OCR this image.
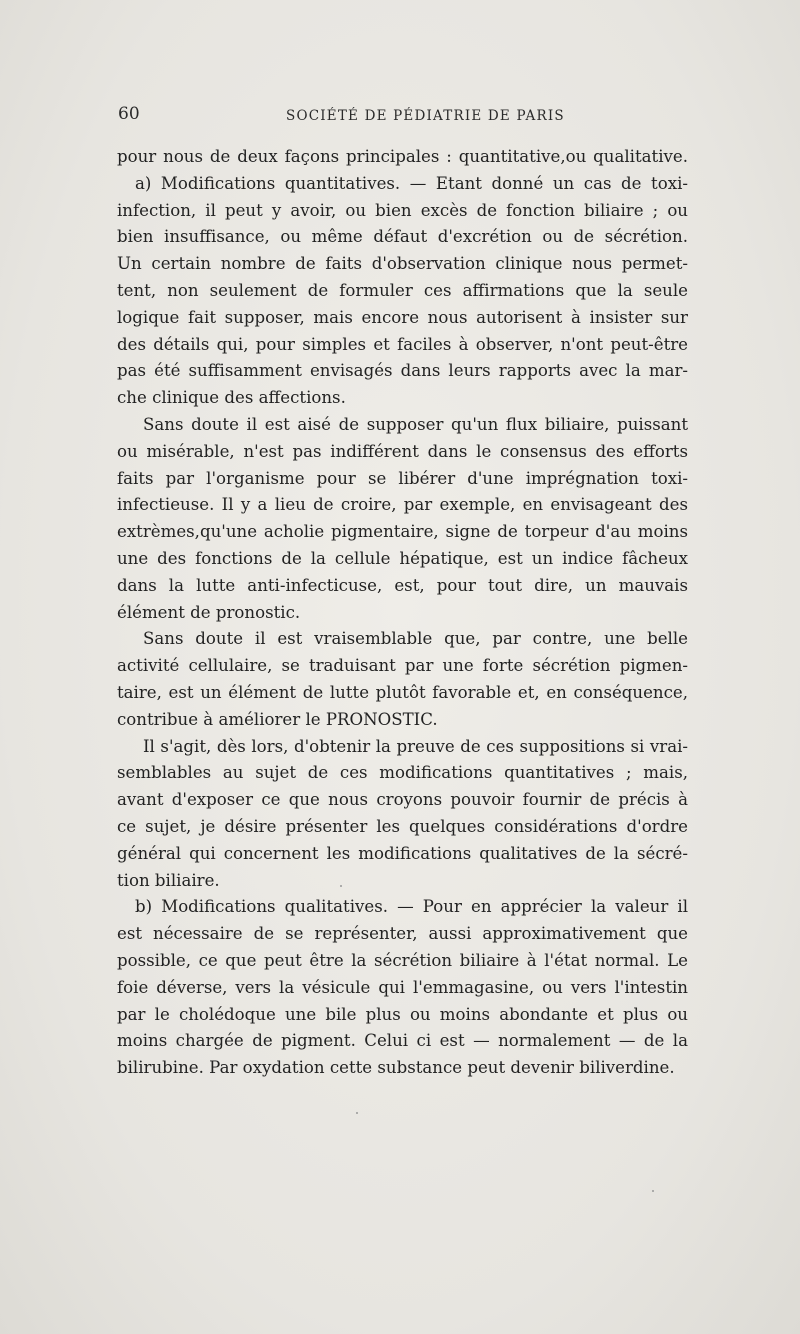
60	SOCIÉTÉ DE PÉDIATRIE DE PARIS
pour nous de deux façons principales : quantitative,ou qualitative.
a) Modifications quantitatives. — Etant donné un cas de toxi-
infection, il peut y avoir, ou bien excès de fonction biliaire ; ou
bien insuffisance, ou même défaut d'excrétion ou de sécrétion.
Un certain nombre de faits d'observation clinique nous permet-
tent, non seulement de formuler ces affirmations que la seule
logique fait supposer, mais encore nous autorisent à insister sur
des détails qui, pour simples et faciles à observer, n'ont peut-être
pas été suffisamment envisagés dans leurs rapports avec la mar-
che clinique des affections.
Sans doute il est aisé de supposer qu'un flux biliaire, puissant
ou misérable, n'est pas indifférent dans le consensus des efforts
faits par l'organisme pour se libérer d'une imprégnation toxi-
infectieuse. Il y a lieu de croire, par exemple, en envisageant des
extrèmes,qu'une acholie pigmentaire, signe de torpeur d'au moins
une des fonctions de la cellule hépatique, est un indice fâcheux
dans la lutte anti-infecticuse, est, pour tout dire, un mauvais
élément de pronostic.
Sans doute il est vraisemblable que, par contre, une belle
activité cellulaire, se traduisant par une forte sécrétion pigmen-
taire, est un élément de lutte plutôt favorable et, en conséquence,
contribue à améliorer le PRONOSTIC.
Il s'agit, dès lors, d'obtenir la preuve de ces suppositions si vrai-
semblables au sujet de ces modifications quantitatives ; mais,
avant d'exposer ce que nous croyons pouvoir fournir de précis à
ce sujet, je désire présenter les quelques considérations d'ordre
général qui concernent les modifications qualitatives de la sécré-
tion biliaire.
b) Modifications qualitatives. — Pour en apprécier la valeur il
est nécessaire de se représenter, aussi approximativement que
possible, ce que peut être la sécrétion biliaire à l'état normal. Le
foie déverse, vers la vésicule qui l'emmagasine, ou vers l'intestin
par le cholédoque une bile plus ou moins abondante et plus ou
moins chargée de pigment. Celui ci est — normalement — de la
bilirubine. Par oxydation cette substance peut devenir biliverdine.
